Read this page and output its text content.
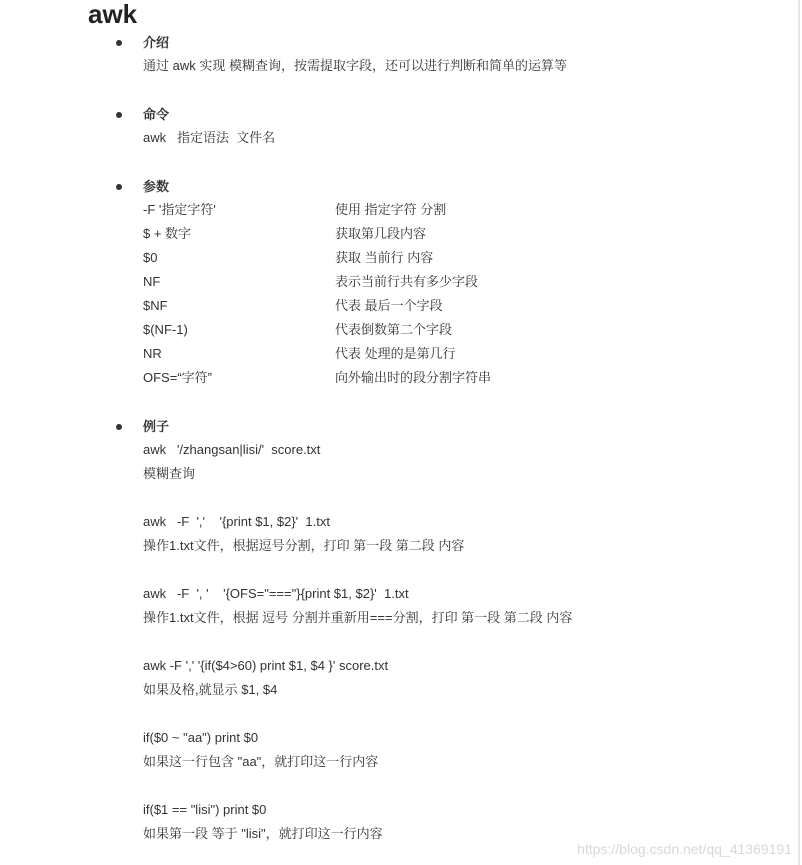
awk
介绍
通过 awk 实现 模糊查询，按需提取字段，还可以进行判断和简单的运算等
命令
awk   指定语法  文件名
参数
-F '指定字符'	使用 指定字符 分割
$ + 数字	获取第几段内容
$0	获取 当前行 内容
NF	表示当前行共有多少字段
$NF	代表 最后一个字段
$(NF-1)	代表倒数第二个字段
NR	代表 处理的是第几行
OFS=“字符”	向外输出时的段分割字符串
例子
awk   '/zhangsan|lisi/'  score.txt
模糊查询
awk   -F  ','    '{print $1, $2}'  1.txt
操作1.txt文件，根据逗号分割，打印 第一段 第二段 内容
awk   -F  ', '    '{OFS="==="}{print $1, $2}'  1.txt
操作1.txt文件，根据 逗号 分割并重新用===分割，打印 第一段 第二段 内容
awk -F ',' '{if($4>60) print $1, $4 }' score.txt
如果及格,就显示 $1, $4
if($0 ~ "aa") print $0
如果这一行包含 "aa"，就打印这一行内容
if($1 == "lisi") print $0
如果第一段 等于 "lisi"，就打印这一行内容
https://blog.csdn.net/qq_41369191
